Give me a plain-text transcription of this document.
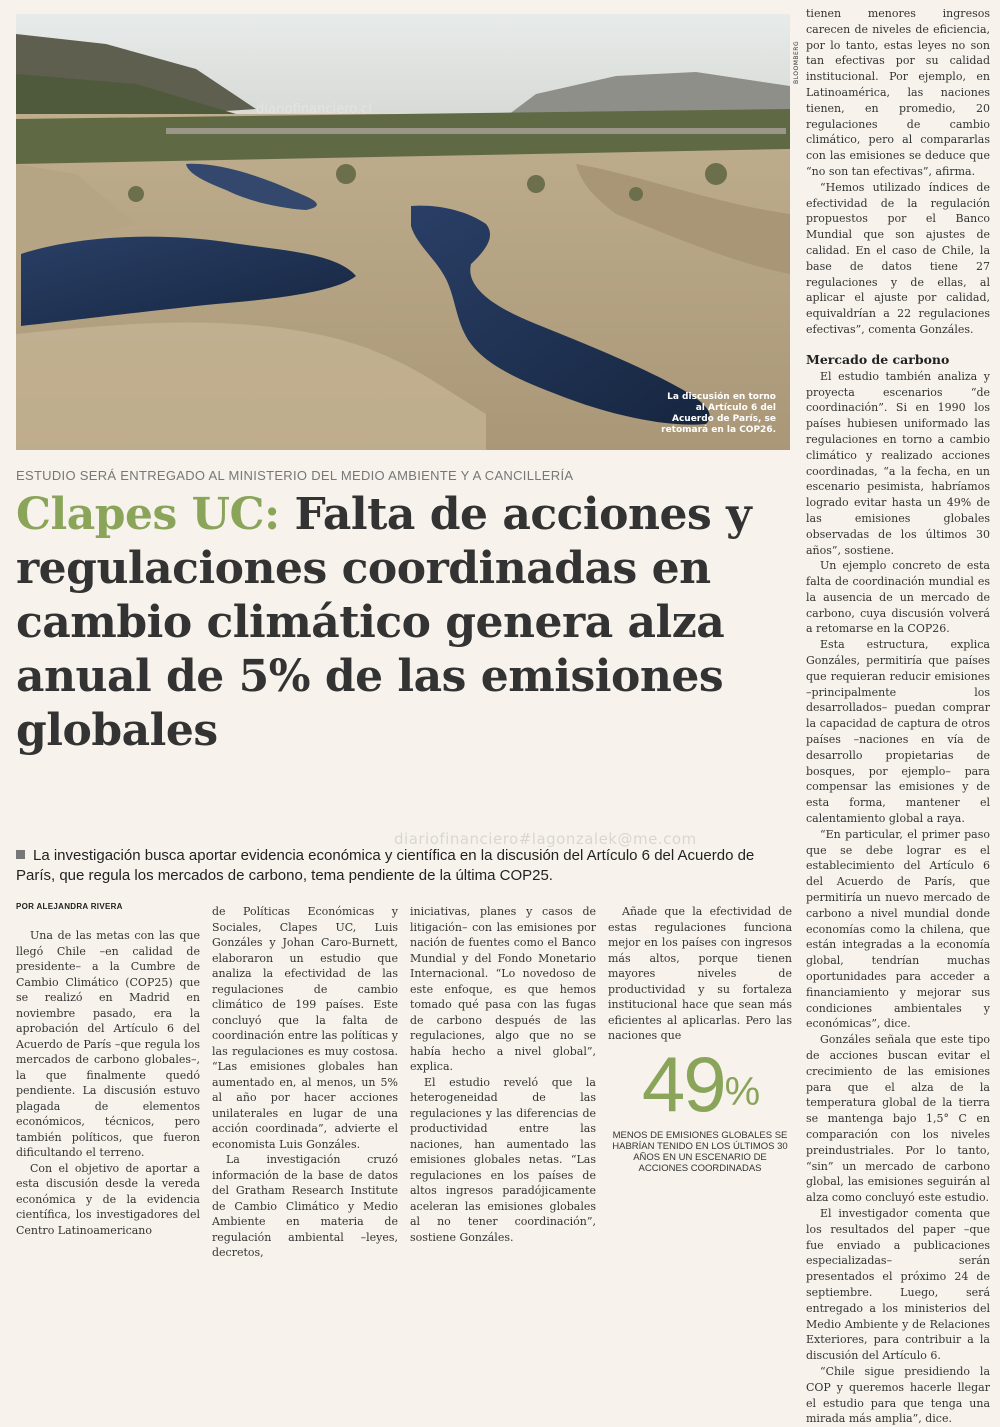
La discusión en torno al Artículo 6 del Acuerdo de París, se retomará en la COP26.
diariofinanciero.cl
BLOOMBERG
ESTUDIO SERÁ ENTREGADO AL MINISTERIO DEL MEDIO AMBIENTE Y A CANCILLERÍA
Clapes UC: Falta de acciones y regulaciones coordinadas en cambio climático genera alza anual de 5% de las emisiones globales
diariofinanciero#lagonzalek@me.com
La investigación busca aportar evidencia económica y científica en la discusión del Artículo 6 del Acuerdo de París, que regula los mercados de carbono, tema pendiente de la última COP25.
POR ALEJANDRA RIVERA

Una de las metas con las que llegó Chile –en calidad de presidente– a la Cumbre de Cambio Climático (COP25) que se realizó en Madrid en noviembre pasado, era la aprobación del Artículo 6 del Acuerdo de París –que regula los mercados de carbono globales–, la que finalmente quedó pendiente. La discusión estuvo plagada de elementos económicos, técnicos, pero también políticos, que fueron dificultando el terreno.

Con el objetivo de aportar a esta discusión desde la vereda económica y de la evidencia científica, los investigadores del Centro Latinoamericano

de Políticas Económicas y Sociales, Clapes UC, Luis Gonzáles y Johan Caro-Burnett, elaboraron un estudio que analiza la efectividad de las regulaciones de cambio climático de 199 países. Este concluyó que la falta de coordinación entre las políticas y las regulaciones es muy costosa. “Las emisiones globales han aumentado en, al menos, un 5% al año por hacer acciones unilaterales en lugar de una acción coordinada”, advierte el economista Luis Gonzáles.

La investigación cruzó información de la base de datos del Gratham Research Institute de Cambio Climático y Medio Ambiente en materia de regulación ambiental –leyes, decretos,

iniciativas, planes y casos de litigación– con las emisiones por nación de fuentes como el Banco Mundial y del Fondo Monetario Internacional. “Lo novedoso de este enfoque, es que hemos tomado qué pasa con las fugas de carbono después de las regulaciones, algo que no se había hecho a nivel global”, explica.

El estudio reveló que la heterogeneidad de las regulaciones y las diferencias de productividad entre las naciones, han aumentado las emisiones globales netas. “Las regulaciones en los países de altos ingresos paradójicamente aceleran las emisiones globales al no tener coordinación”, sostiene Gonzáles.

Añade que la efectividad de estas regulaciones funciona mejor en los países con ingresos más altos, porque tienen mayores niveles de productividad y su fortaleza institucional hace que sean más eficientes al aplicarlas. Pero las naciones que

49%
MENOS DE EMISIONES GLOBALES SE HABRÍAN TENIDO EN LOS ÚLTIMOS 30 AÑOS EN UN ESCENARIO DE ACCIONES COORDINADAS

tienen menores ingresos carecen de niveles de eficiencia, por lo tanto, estas leyes no son tan efectivas por su calidad institucional. Por ejemplo, en Latinoamérica, las naciones tienen, en promedio, 20 regulaciones de cambio climático, pero al compararlas con las emisiones se deduce que “no son tan efectivas”, afirma.

“Hemos utilizado índices de efectividad de la regulación propuestos por el Banco Mundial que son ajustes de calidad. En el caso de Chile, la base de datos tiene 27 regulaciones y de ellas, al aplicar el ajuste por calidad, equivaldrían a 22 regulaciones efectivas”, comenta Gonzáles.

Mercado de carbono

El estudio también analiza y proyecta escenarios “de coordinación”. Si en 1990 los países hubiesen uniformado las regulaciones en torno a cambio climático y realizado acciones coordinadas, “a la fecha, en un escenario pesimista, habríamos logrado evitar hasta un 49% de las emisiones globales observadas de los últimos 30 años”, sostiene.

Un ejemplo concreto de esta falta de coordinación mundial es la ausencia de un mercado de carbono, cuya discusión volverá a retomarse en la COP26.

Esta estructura, explica Gonzáles, permitiría que países que requieran reducir emisiones –principalmente los desarrollados– puedan comprar la capacidad de captura de otros países –naciones en vía de desarrollo propietarias de bosques, por ejemplo– para compensar las emisiones y de esta forma, mantener el calentamiento global a raya.

“En particular, el primer paso que se debe lograr es el establecimiento del Artículo 6 del Acuerdo de París, que permitiría un nuevo mercado de carbono a nivel mundial donde economías como la chilena, que están integradas a la economía global, tendrían muchas oportunidades para acceder a financiamiento y mejorar sus condiciones ambientales y económicas”, dice.

Gonzáles señala que este tipo de acciones buscan evitar el crecimiento de las emisiones para que el alza de la temperatura global de la tierra se mantenga bajo 1,5° C en comparación con los niveles preindustriales. Por lo tanto, “sin” un mercado de carbono global, las emisiones seguirán al alza como concluyó este estudio.

El investigador comenta que los resultados del paper –que fue enviado a publicaciones especializadas– serán presentados el próximo 24 de septiembre. Luego, será entregado a los ministerios del Medio Ambiente y de Relaciones Exteriores, para contribuir a la discusión del Artículo 6.

“Chile sigue presidiendo la COP y queremos hacerle llegar el estudio para que tenga una mirada más amplia”, dice.
